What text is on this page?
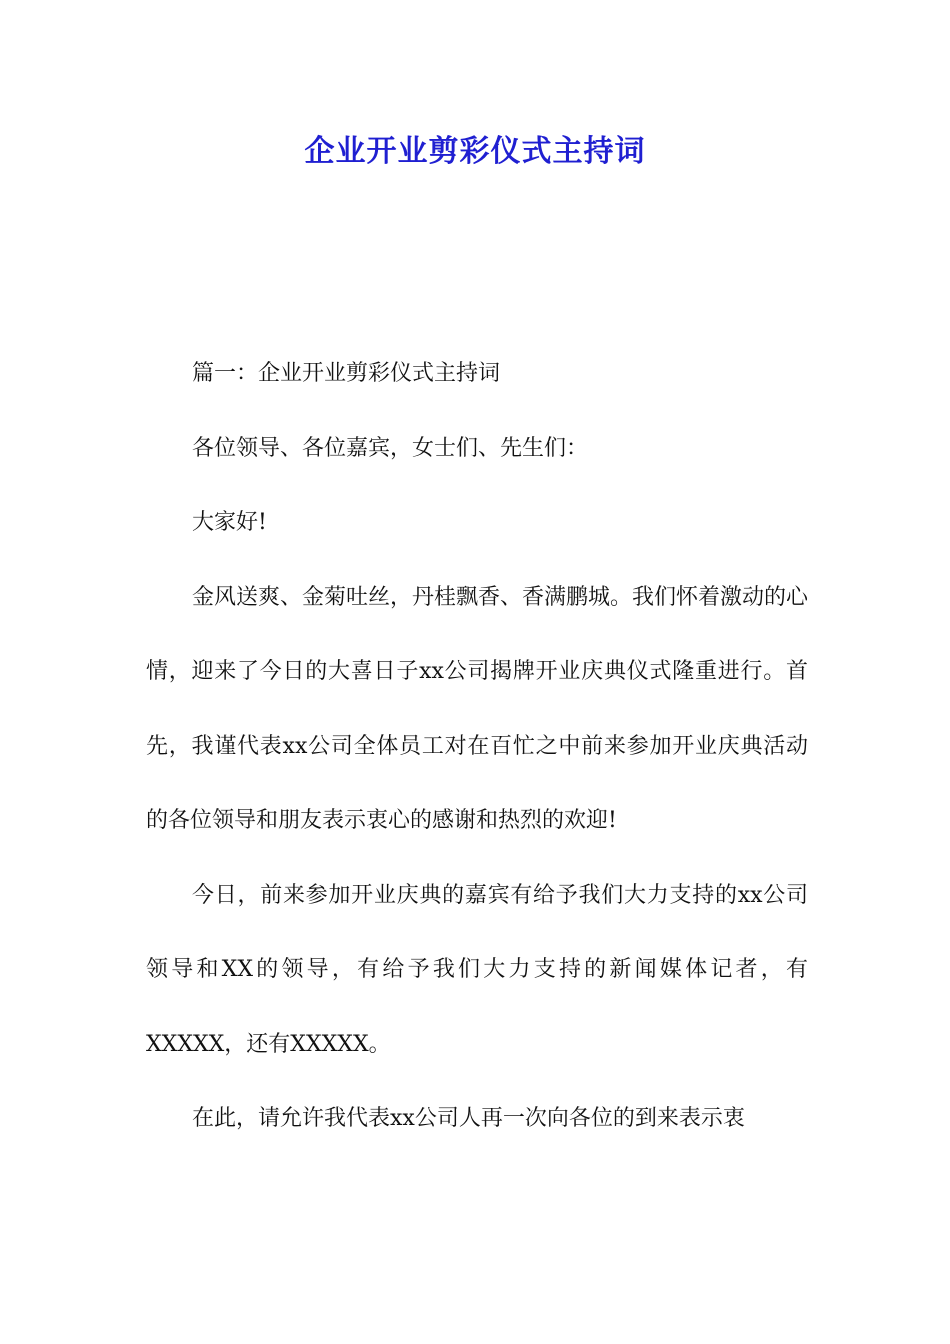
企业开业剪彩仪式主持词

篇一：企业开业剪彩仪式主持词

各位领导、各位嘉宾，女士们、先生们：

大家好!

金风送爽、金菊吐丝，丹桂飘香、香满鹏城。我们怀着激动的心情，迎来了今日的大喜日子xx公司揭牌开业庆典仪式隆重进行。首先，我谨代表xx公司全体员工对在百忙之中前来参加开业庆典活动的各位领导和朋友表示衷心的感谢和热烈的欢迎!

今日，前来参加开业庆典的嘉宾有给予我们大力支持的xx公司领导和XX的领导，有给予我们大力支持的新闻媒体记者，有 XXXXX，还有XXXXX。

在此，请允许我代表xx公司人再一次向各位的到来表示衷
